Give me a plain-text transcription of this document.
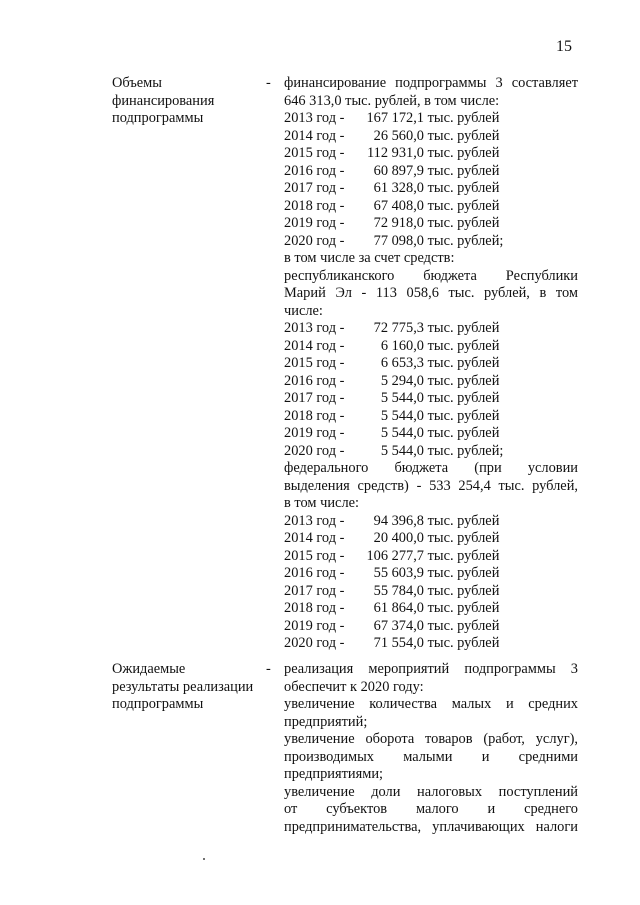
15
Объемы
финансирования
подпрограммы
- финансирование подпрограммы 3 составляет
646 313,0 тыс. рублей, в том числе:
2013 год - 167 172,1 тыс. рублей
2014 год - 26 560,0 тыс. рублей
2015 год - 112 931,0 тыс. рублей
2016 год - 60 897,9 тыс. рублей
2017 год - 61 328,0 тыс. рублей
2018 год - 67 408,0 тыс. рублей
2019 год - 72 918,0 тыс. рублей
2020 год - 77 098,0 тыс. рублей;
в том числе за счет средств:
республиканского бюджета Республики
Марий Эл - 113 058,6 тыс. рублей, в том
числе:
2013 год - 72 775,3 тыс. рублей
2014 год -	6 160,0 тыс. рублей
2015 год -	6 653,3 тыс. рублей
2016 год -	5 294,0 тыс. рублей
2017 год -	5 544,0 тыс. рублей
2018 год -	5 544,0 тыс. рублей
2019 год -	5 544,0 тыс. рублей
2020 год -	5 544,0 тыс. рублей;
федерального бюджета (при условии
выделения средств) - 533 254,4 тыс. рублей,
в том числе:
2013 год - 94 396,8 тыс. рублей
2014 год - 20 400,0 тыс. рублей
2015 год - 106 277,7 тыс. рублей
2016 год - 55 603,9 тыс. рублей
2017 год - 55 784,0 тыс. рублей
2018 год - 61 864,0 тыс. рублей
2019 год - 67 374,0 тыс. рублей
2020 год - 71 554,0 тыс. рублей
Ожидаемые
результаты реализации
подпрограммы
- реализация мероприятий подпрограммы 3
обеспечит к 2020 году:
увеличение количества малых и средних
предприятий;
увеличение оборота товаров (работ, услуг),
производимых малыми и средними
предприятиями;
увеличение доли налоговых поступлений
от субъектов малого и среднего
предпринимательства, уплачивающих налоги
